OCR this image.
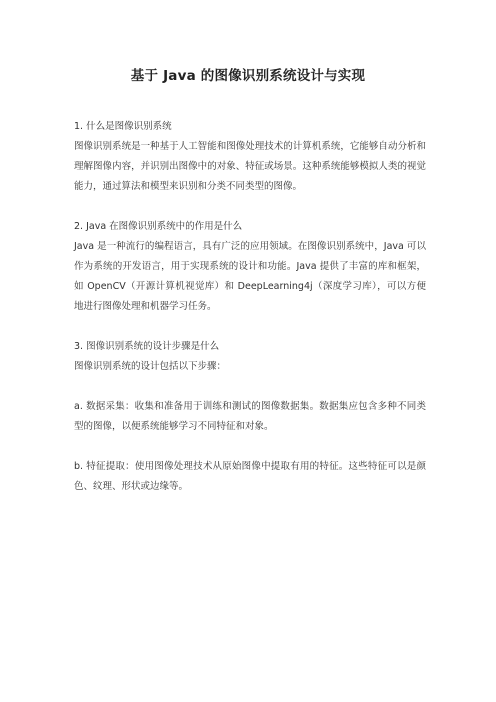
基于 Java 的图像识别系统设计与实现

1. 什么是图像识别系统

图像识别系统是一种基于人工智能和图像处理技术的计算机系统，它能够自动分析和理解图像内容，并识别出图像中的对象、特征或场景。这种系统能够模拟人类的视觉能力，通过算法和模型来识别和分类不同类型的图像。

2. Java 在图像识别系统中的作用是什么

Java 是一种流行的编程语言，具有广泛的应用领域。在图像识别系统中，Java 可以作为系统的开发语言，用于实现系统的设计和功能。Java 提供了丰富的库和框架，如 OpenCV（开源计算机视觉库）和 DeepLearning4j（深度学习库），可以方便地进行图像处理和机器学习任务。

3. 图像识别系统的设计步骤是什么

图像识别系统的设计包括以下步骤：

a. 数据采集：收集和准备用于训练和测试的图像数据集。数据集应包含多种不同类型的图像，以便系统能够学习不同特征和对象。

b. 特征提取：使用图像处理技术从原始图像中提取有用的特征。这些特征可以是颜色、纹理、形状或边缘等。
